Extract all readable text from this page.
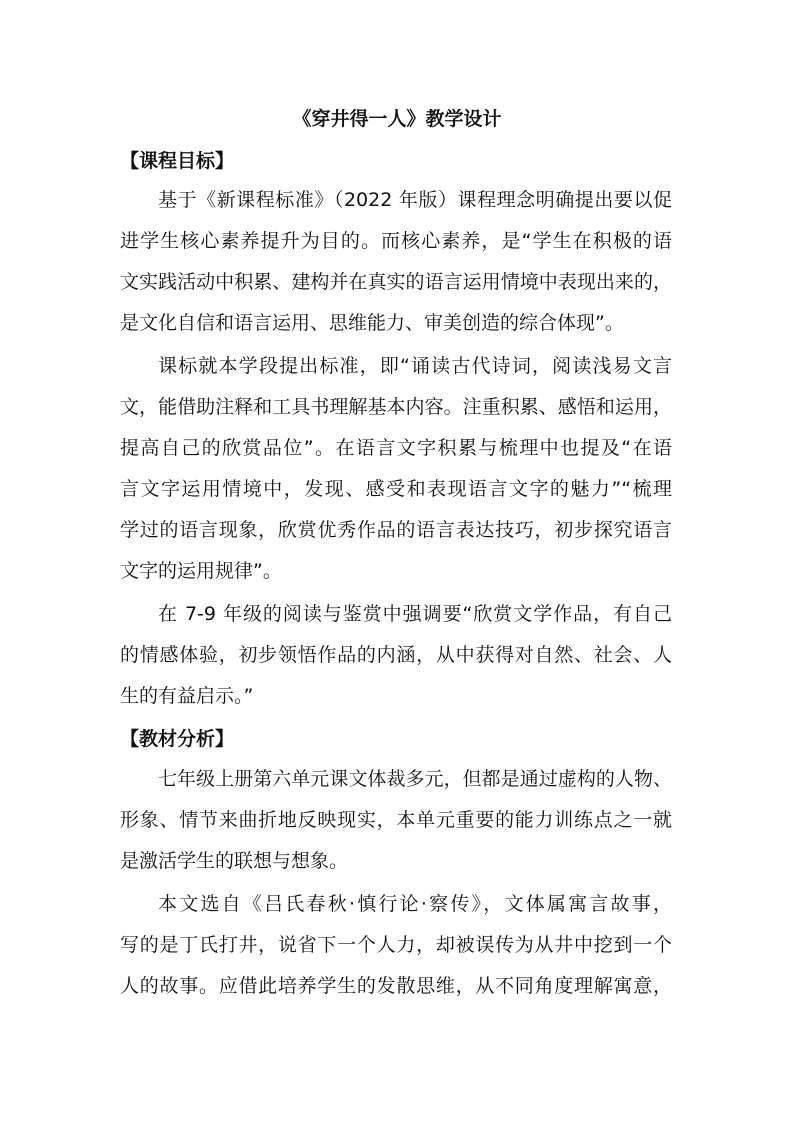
《穿井得一人》教学设计
【课程目标】
基于《新课程标准》（2022 年版）课程理念明确提出要以促
进学生核心素养提升为目的。而核心素养，是“学生在积极的语
文实践活动中积累、建构并在真实的语言运用情境中表现出来的，
是文化自信和语言运用、思维能力、审美创造的综合体现”。
课标就本学段提出标准，即“诵读古代诗词，阅读浅易文言
文，能借助注释和工具书理解基本内容。注重积累、感悟和运用，
提高自己的欣赏品位”。在语言文字积累与梳理中也提及“在语
言文字运用情境中，发现、感受和表现语言文字的魅力”“梳理
学过的语言现象，欣赏优秀作品的语言表达技巧，初步探究语言
文字的运用规律”。
在 7-9 年级的阅读与鉴赏中强调要“欣赏文学作品，有自己
的情感体验，初步领悟作品的内涵，从中获得对自然、社会、人
生的有益启示。”
【教材分析】
七年级上册第六单元课文体裁多元，但都是通过虚构的人物、
形象、情节来曲折地反映现实，本单元重要的能力训练点之一就
是激活学生的联想与想象。
本文选自《吕氏春秋·慎行论·察传》，文体属寓言故事，
写的是丁氏打井，说省下一个人力，却被误传为从井中挖到一个
人的故事。应借此培养学生的发散思维，从不同角度理解寓意，
